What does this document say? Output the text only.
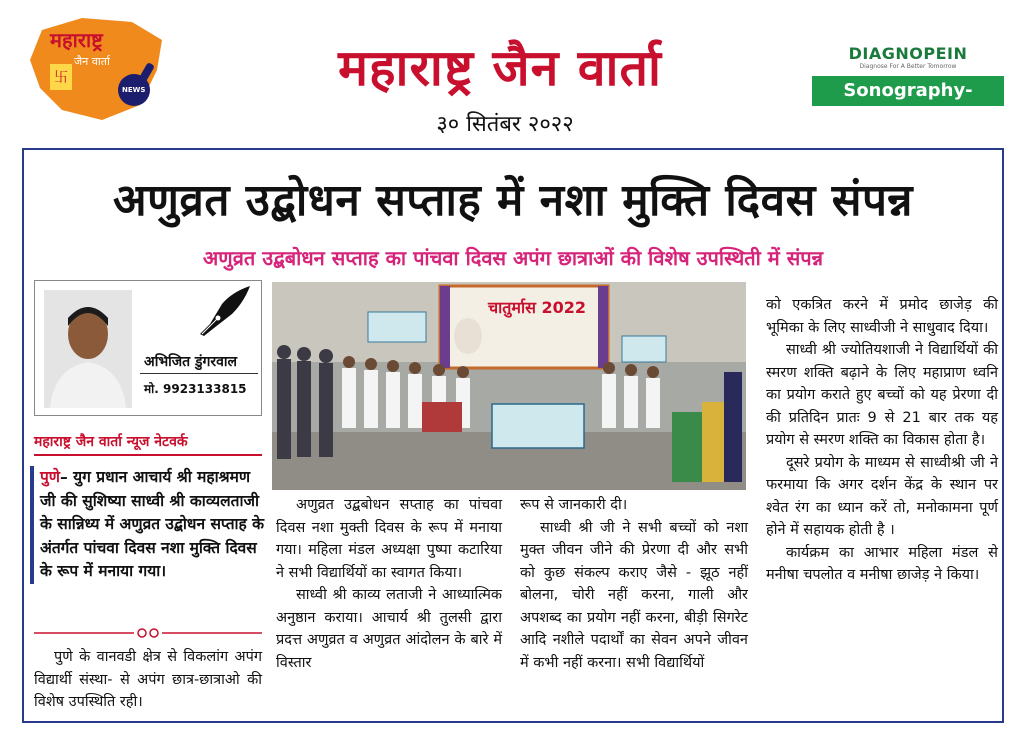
卐
महाराष्ट्र
जैन वार्ता
NEWS	महाराष्ट्र जैन वार्ता
३० सितंबर २०२२
DIAGNOPEIN
Diagnose For A Better Tomorrow
Sonography- ₹500/-
अणुव्रत उद्बोधन सप्ताह में नशा मुक्ति दिवस संपन्न
अणुव्रत उद्बबोधन सप्ताह का पांचवा दिवस अपंग छात्राओं की विशेष उपस्थिती में संपन्न
अभिजित डुंगरवाल
मो. 9923133815
महाराष्ट्र जैन वार्ता न्यूज नेटवर्क
पुणे– युग प्रधान आचार्य श्री महाश्रमण जी की सुशिष्या साध्वी श्री काव्यलताजी के सान्निध्य में अणुव्रत उद्बोधन सप्ताह के अंतर्गत पांचवा दिवस नशा मुक्ति दिवस के रूप में मनाया गया।
पुणे के वानवडी क्षेत्र से विकलांग अपंग विद्यार्थी संस्था- से अपंग छात्र-छात्राओ की विशेष उपस्थिति रही।
चातुर्मास 2022

अणुव्रत उद्बबोधन सप्ताह का पांचवा दिवस नशा मुक्ती दिवस के रूप में मनाया गया। महिला मंडल अध्यक्षा पुष्पा कटारिया ने सभी विद्यार्थियों का स्वागत किया।

साध्वी श्री काव्य लताजी ने आध्यात्मिक अनुष्ठान कराया। आचार्य श्री तुलसी द्वारा प्रदत्त अणुव्रत व अणुव्रत आंदोलन के बारे में विस्तार

रूप से जानकारी दी।

साध्वी श्री जी ने सभी बच्चों को नशा मुक्त जीवन जीने की प्रेरणा दी और सभी को कुछ संकल्प कराए जैसे - झूठ नहीं बोलना, चोरी नहीं करना, गाली और अपशब्द का प्रयोग नहीं करना, बीड़ी सिगरेट आदि नशीले पदार्थों का सेवन अपने जीवन में कभी नहीं करना। सभी विद्यार्थियों

को एकत्रित करने में प्रमोद छाजेड़ की भूमिका के लिए साध्वीजी ने साधुवाद दिया।

साध्वी श्री ज्योतियशाजी ने विद्यार्थियों की स्मरण शक्ति बढ़ाने के लिए महाप्राण ध्वनि का प्रयोग कराते हुए बच्चों को यह प्रेरणा दी की प्रतिदिन प्रातः 9 से 21 बार तक यह प्रयोग से स्मरण शक्ति का विकास होता है।

दूसरे प्रयोग के माध्यम से साध्वीश्री जी ने फरमाया कि अगर दर्शन केंद्र के स्थान पर श्वेत रंग का ध्यान करें तो, मनोकामना पूर्ण होने में सहायक होती है ।

कार्यक्रम का आभार महिला मंडल से मनीषा चपलोत व मनीषा छाजेड़ ने किया।
